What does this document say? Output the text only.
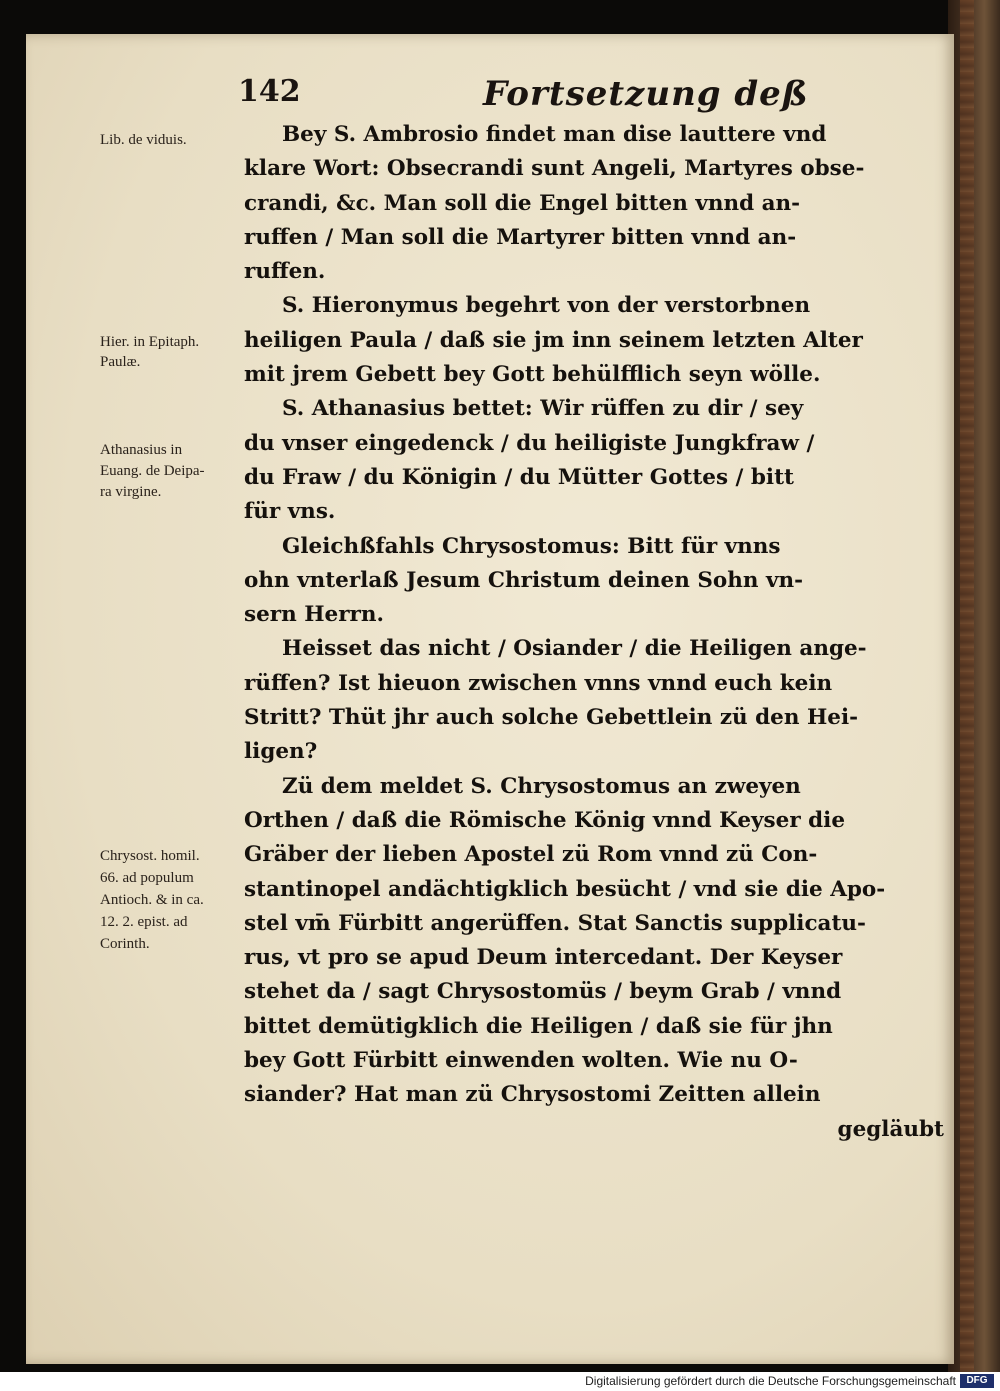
142	Fortsetzung deß
Lib. de viduis.
Hier. in Epitaph.
Paulæ.
Athanasius in
Euang. de Deipa-
ra virgine.
Chrysost. homil.
66. ad populum
Antioch. & in ca.
12. 2. epist. ad
Corinth.
Bey S. Ambrosio findet man dise lauttere vnd
klare Wort: Obsecrandi sunt Angeli, Martyres obse-
crandi, &c. Man soll die Engel bitten vnnd an-
ruffen / Man soll die Martyrer bitten vnnd an-
ruffen.
S. Hieronymus begehrt von der verstorbnen
heiligen Paula / daß sie jm inn seinem letzten Alter
mit jrem Gebett bey Gott behülfflich seyn wölle.
S. Athanasius bettet: Wir rüffen zu dir / sey
du vnser eingedenck / du heiligiste Jungkfraw /
du Fraw / du Königin / du Mütter Gottes / bitt
für vns.
Gleichßfahls Chrysostomus: Bitt für vnns
ohn vnterlaß Jesum Christum deinen Sohn vn-
sern Herrn.
Heisset das nicht / Osiander / die Heiligen ange-
rüffen? Ist hieuon zwischen vnns vnnd euch kein
Stritt? Thüt jhr auch solche Gebettlein zü den Hei-
ligen?
Zü dem meldet S. Chrysostomus an zweyen
Orthen / daß die Römische König vnnd Keyser die
Gräber der lieben Apostel zü Rom vnnd zü Con-
stantinopel andächtigklich besücht / vnd sie die Apo-
stel vm̄ Fürbitt angerüffen. Stat Sanctis supplicatu-
rus, vt pro se apud Deum intercedant. Der Keyser
stehet da / sagt Chrysostomüs / beym Grab / vnnd
bittet demütigklich die Heiligen / daß sie für jhn
bey Gott Fürbitt einwenden wolten. Wie nu O-
siander? Hat man zü Chrysostomi Zeitten allein
gegläubt
Digitalisierung gefördert durch die Deutsche Forschungsgemeinschaft	DFG
